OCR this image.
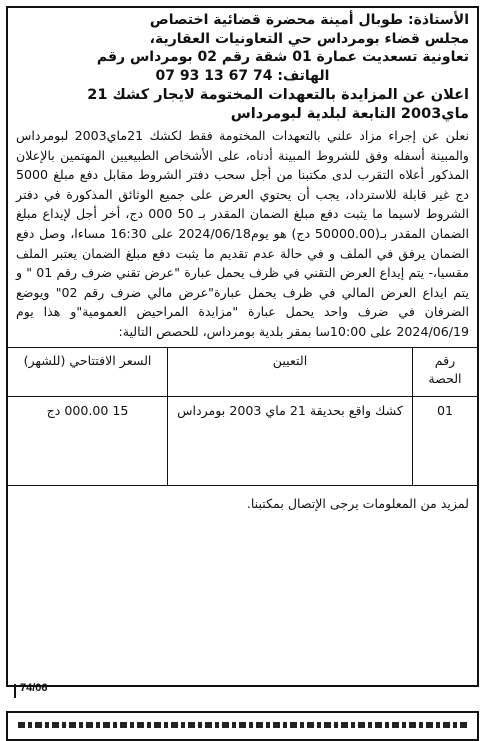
الأستاذة: طوبال أمينة محضرة قضائية اختصاص
مجلس قضاء بومرداس حي التعاونيات العقارية،
تعاونية تسعديت عمارة 01 شقة رقم 02 بومرداس رقم
الهاتف: 74 67 13 93 07
اعلان عن المزايدة بالتعهدات المختومة لايجار كشك 21 ماي2003 التابعة لبلدية لبومرداس
نعلن عن إجراء مزاد علني بالتعهدات المختومة فقط لكشك 21ماي2003 لبومرداس والمبينة أسفله وفق للشروط المبينة أدناه، على الأشخاص الطبيعيين المهتمين بالإعلان المذكور أعلاه التقرب لدى مكتبنا من أجل سحب دفتر الشروط مقابل دفع مبلغ 5000 دج غير قابلة للاسترداد، يجب أن يحتوي العرض على جميع الوثائق المذكورة في دفتر الشروط لاسيما ما يثبت دفع مبلغ الضمان المقدر بـ 50 000 دج، أخر أجل لإيداع مبلغ الضمان المقدر بـ(50000.00 دج) هو يوم2024/06/18 على 16:30 مساءا، وصل دفع الضمان يرفق في الملف و في حالة عدم تقديم ما يثبت دفع مبلغ الضمان يعتبر الملف مقسيا،- يتم إيداع العرض التقني في ظرف يحمل عبارة "عرض تقني ضرف رقم 01 " و يتم ايداع العرض المالي في ظرف يحمل عبارة"عرض مالي ضرف رقم 02" ويوضع الضرفان في ضرف واحد يحمل عبارة "مزايدة المراحيض العمومية"و هذا يوم 2024/06/19 على 10:00سا بمقر بلدية بومرداس، للحصص التالية:
رقم الحصة	التعيين	السعر الافتتاحي (للشهر)
01	كشك واقع بحديقة 21 ماي 2003 بومرداس	15 000.00 دج
لمزيد من المعلومات يرجى الإتصال بمكتبنا.
74/06
